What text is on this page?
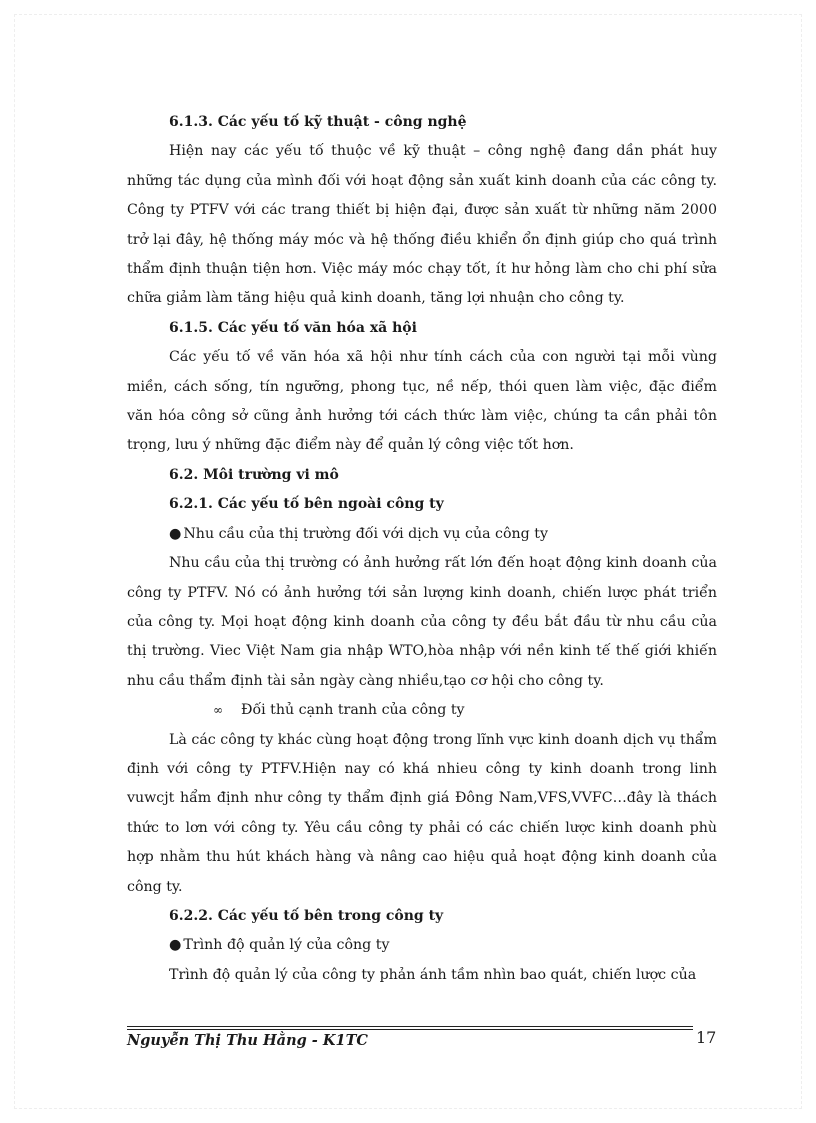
6.1.3. Các yếu tố kỹ thuật - công nghệ

Hiện nay các yếu tố thuộc về kỹ thuật – công nghệ đang dần phát huy những tác dụng của mình đối với hoạt động sản xuất kinh doanh của các công ty. Công ty PTFV với các trang thiết bị hiện đại, được sản xuất từ những năm 2000 trở lại đây, hệ thống máy móc và hệ thống điều khiển ổn định giúp cho quá trình thẩm định thuận tiện hơn. Việc máy móc chạy tốt, ít hư hỏng làm cho chi phí sửa chữa giảm làm tăng hiệu quả kinh doanh, tăng lợi nhuận cho công ty.

6.1.5. Các yếu tố văn hóa xã hội

Các yếu tố về văn hóa xã hội như tính cách của con người tại mỗi vùng miền, cách sống, tín ngưỡng, phong tục, nề nếp, thói quen làm việc, đặc điểm văn hóa công sở cũng ảnh hưởng tới cách thức làm việc, chúng ta cần phải tôn trọng, lưu ý những đặc điểm này để quản lý công việc tốt hơn.

6.2. Môi trường vi mô

6.2.1. Các yếu tố bên ngoài công ty

● Nhu cầu của thị trường đối với dịch vụ của công ty

Nhu cầu của thị trường có ảnh hưởng rất lớn đến hoạt động kinh doanh của công ty PTFV. Nó có ảnh hưởng tới sản lượng kinh doanh, chiến lược phát triển của công ty. Mọi hoạt động kinh doanh của công ty đều bắt đầu từ nhu cầu của thị trường. Viec Việt Nam gia nhập WTO,hòa nhập với nền kinh tế thế giới khiến nhu cầu thẩm định tài sản ngày càng nhiều,tạo cơ hội cho công ty.

∞ Đối thủ cạnh tranh của công ty

Là các công ty khác cùng hoạt động trong lĩnh vực kinh doanh dịch vụ thẩm định với công ty PTFV.Hiện nay có khá nhieu công ty kinh doanh trong linh vuwcjt hẩm định như công ty thẩm định giá Đông Nam,VFS,VVFC…đây là thách thức to lơn với công ty. Yêu cầu công ty phải có các chiến lược kinh doanh phù hợp nhằm thu hút khách hàng và nâng cao hiệu quả hoạt động kinh doanh của công ty.

6.2.2. Các yếu tố bên trong công ty

● Trình độ quản lý của công ty

Trình độ quản lý của công ty phản ánh tầm nhìn bao quát, chiến lược của

Nguyễn Thị Thu Hằng - K1TC	17
